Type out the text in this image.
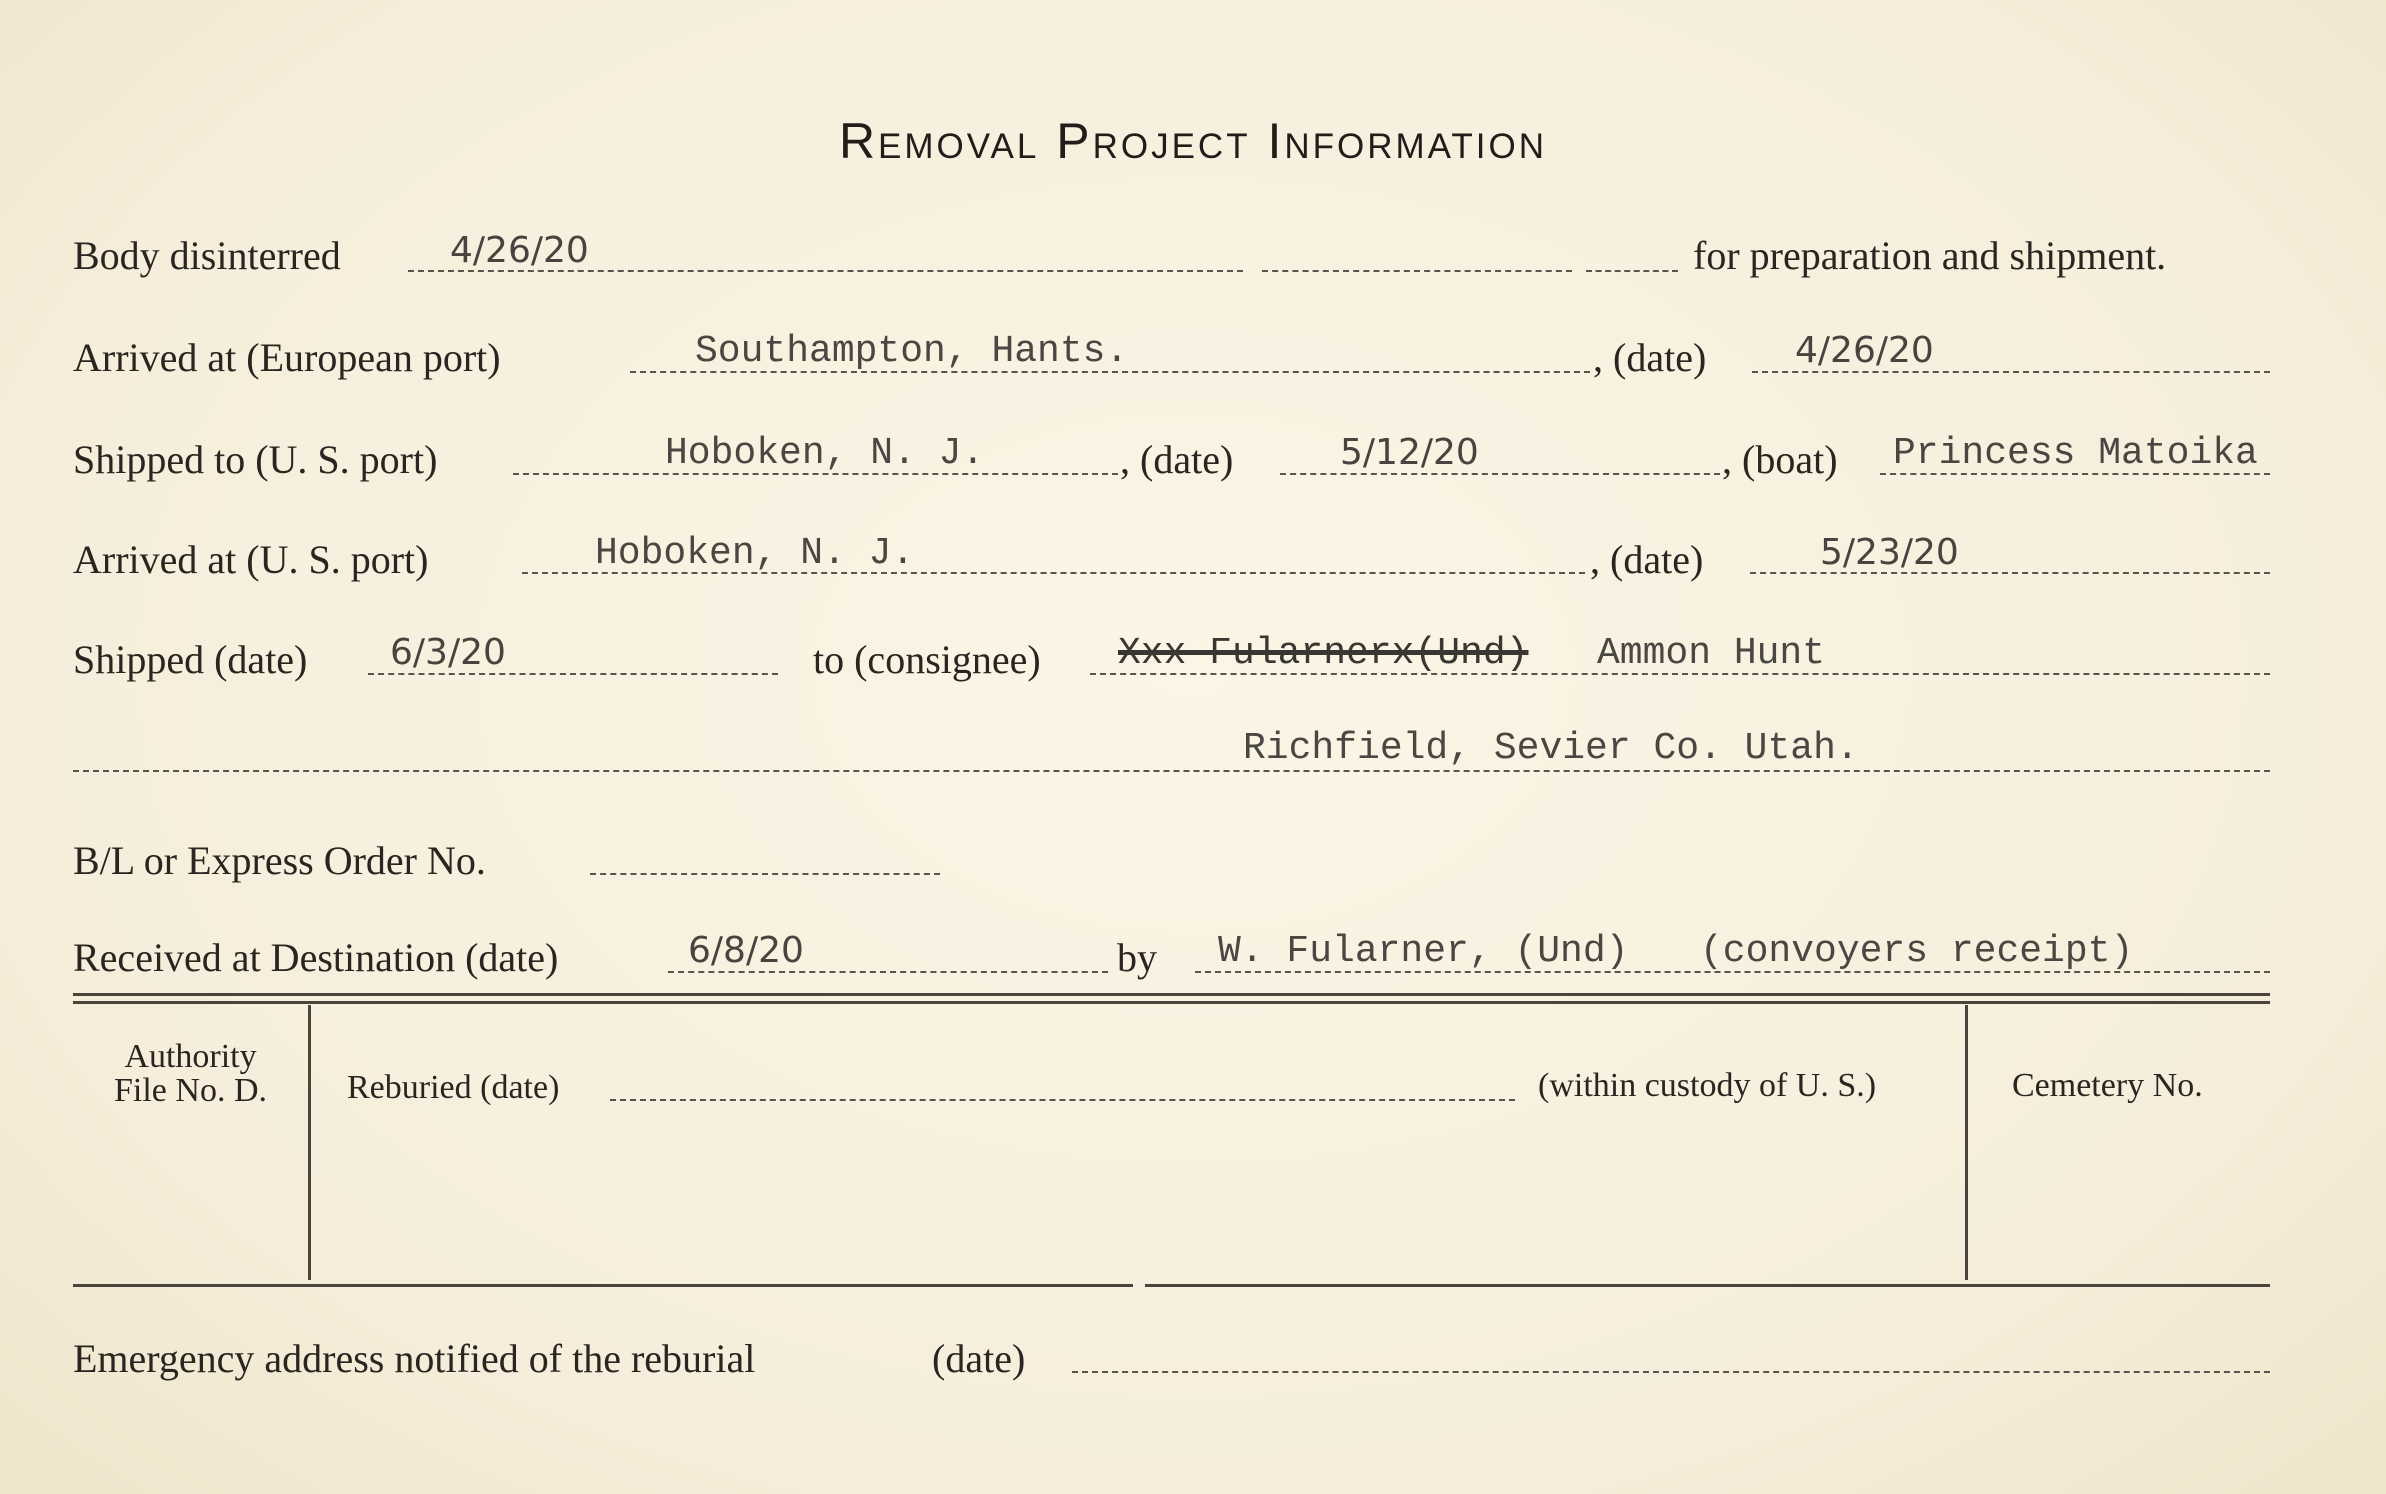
Removal Project Information
Body disinterred	4/26/20	for preparation and shipment.
Arrived at (European port)	Southampton, Hants.	, (date) 4/26/20
Shipped to (U. S. port)	Hoboken, N. J.	, (date)	5/12/20	, (boat) Princess Matoika
Arrived at (U. S. port)	Hoboken, N. J.	, (date)	5/23/20
Shipped (date) 6/3/20	to (consignee) Xxx Fularnerx(Und) Ammon Hunt
Richfield, Sevier Co. Utah.
B/L or Express Order No.
Received at Destination (date)	6/8/20	by W. Fularner, (Und) (convoyers receipt)
Authority
File No. D.	Reburied (date)	(within custody of U. S.)	Cemetery No.
Emergency address notified of the reburial	(date)
